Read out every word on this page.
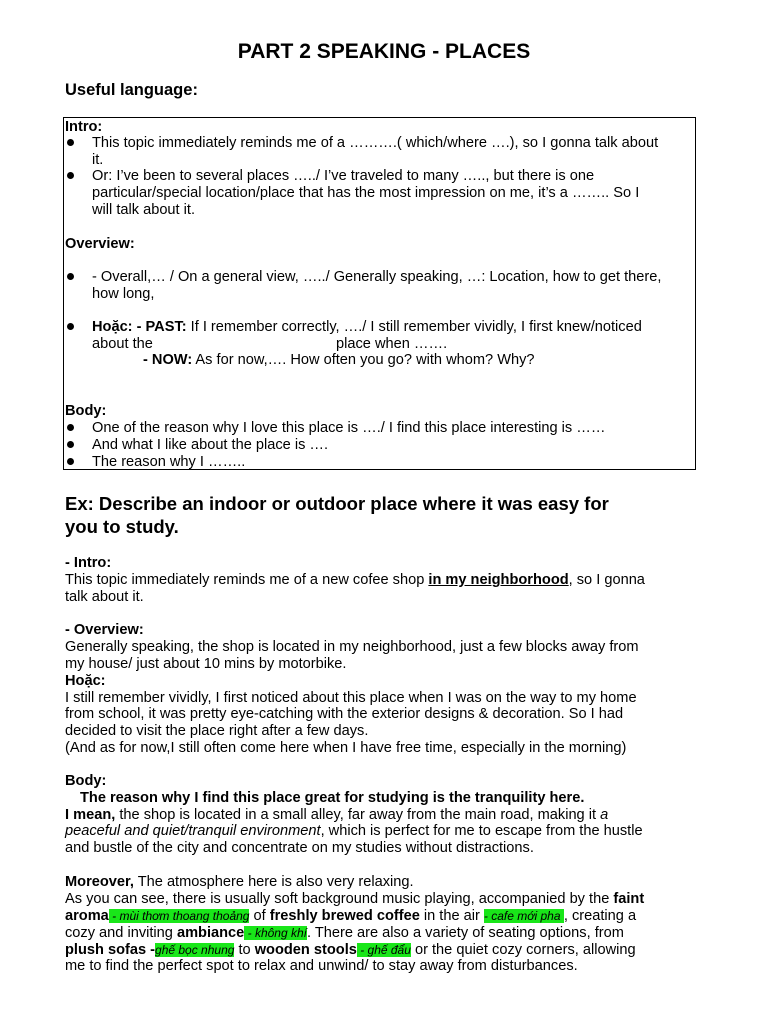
PART 2 SPEAKING - PLACES
Useful language:
Intro:
This topic immediately reminds me of a ……….( which/where ….), so I gonna talk about
it.
Or: I’ve been to several places …../ I’ve traveled to many ….., but there is one
particular/special location/place that has the most impression on me, it’s a …….. So I
will talk about it.
Overview:
- Overall,… / On a general view, …../ Generally speaking, …: Location, how to get there,
how long,
Hoặc: - PAST: If I remember correctly, …./ I still remember vividly, I first knew/noticed
about the	place when …….
- NOW: As for now,…. How often you go? with whom? Why?
Body:
One of the reason why I love this place is …./ I find this place interesting is ……
And what I like about the place is ….
The reason why I ……..
Ex: Describe an indoor or outdoor place where it was easy for
you to study.
- Intro:
This topic immediately reminds me of a new cofee shop in my neighborhood, so I gonna
talk about it.
- Overview:
Generally speaking, the shop is located in my neighborhood, just a few blocks away from
my house/ just about 10 mins by motorbike.
Hoặc:
I still remember vividly, I first noticed about this place when I was on the way to my home
from school, it was pretty eye-catching with the exterior designs & decoration. So I had
decided to visit the place right after a few days.
(And as for now,I still often come here when I have free time, especially in the morning)
Body:
The reason why I find this place great for studying is the tranquility here.
I mean, the shop is located in a small alley, far away from the main road, making it a
peaceful and quiet/tranquil environment, which is perfect for me to escape from the hustle
and bustle of the city and concentrate on my studies without distractions.
Moreover, The atmosphere here is also very relaxing.
As you can see, there is usually soft background music playing, accompanied by the faint
aroma - mùi thơm thoang thoảng of freshly brewed coffee in the air - cafe mới pha , creating a
cozy and inviting ambiance - không khí. There are also a variety of seating options, from
plush sofas -ghế bọc nhung to wooden stools - ghế đẩu or the quiet cozy corners, allowing
me to find the perfect spot to relax and unwind/ to stay away from disturbances.
